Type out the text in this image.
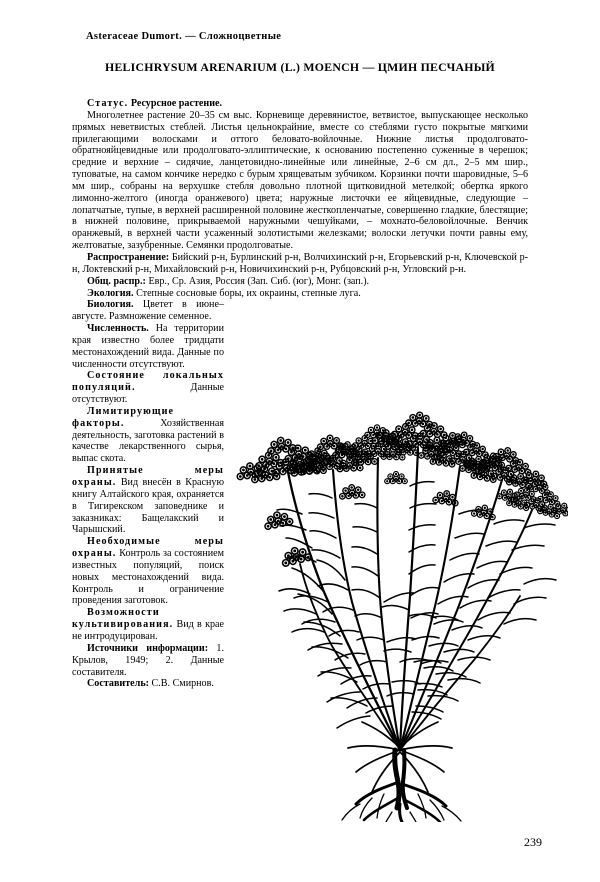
Asteraceae Dumort. — Сложноцветные
HELICHRYSUM ARENARIUM (L.) MOENCH — ЦМИН ПЕСЧАНЫЙ

Статус. Ресурсное растение.

Многолетнее растение 20–35 см выс. Корневище деревянистое, ветвистое, выпускающее несколько прямых неветвистых стеблей. Листья цельнокрайние, вместе со стеблями густо покрытые мягкими прилегающими волосками и оттого беловато-войлочные. Нижние листья продолговато-обратнояйцевидные или продолговато-эллиптические, к основанию постепенно суженные в черешок; средние и верхние – сидячие, ланцетовидно-линейные или линейные, 2–6 см дл., 2–5 мм шир., туповатые, на самом кончике нередко с бурым хрящеватым зубчиком. Корзинки почти шаровидные, 5–6 мм шир., собраны на верхушке стебля довольно плотной щитковидной метелкой; обертка яркого лимонно-желтого (иногда оранжевого) цвета; наружные листочки ее яйцевидные, следующие – лопатчатые, тупые, в верхней расширенной половине жесткопленчатые, совершенно гладкие, блестящие; в нижней половине, прикрываемой наружными чешуйками, – мохнато-беловойлочные. Венчик оранжевый, в верхней части усаженный золотистыми железками; волоски летучки почти равны ему, желтоватые, зазубренные. Семянки продолговатые.

Распространение: Бийский р-н, Бурлинский р-н, Волчихинский р-н, Егорьевский р-н, Ключевской р-н, Локтевский р-н, Михайловский р-н, Новичихинский р-н, Рубцовский р-н, Угловский р-н.

Общ. распр.: Евр., Ср. Азия, Россия (Зап. Сиб. (юг), Монг. (зап.).

Экология. Степные сосновые боры, их окраины, степные луга.

Биология. Цветет в июне–августе. Размножение семенное.

Численность. На территории края известно более тридцати местонахождений вида. Данные по численности отсутствуют.

Состояние локальных популяций. Данные отсутствуют.

Лимитирующие факторы. Хозяйственная деятельность, заготовка растений в качестве лекарственного сырья, выпас скота.

Принятые меры охраны. Вид внесён в Красную книгу Алтайского края, охраняется в Тигирекском заповеднике и заказниках: Бащелакский и Чарышский.

Необходимые меры охраны. Контроль за состоянием известных популяций, поиск новых местонахождений вида. Контроль и ограничение проведения заготовок.

Возможности культивирования. Вид в крае не интродуцирован.

Источники информации: 1. Крылов, 1949; 2. Данные составителя.

Составитель: С.В. Смирнов.

239
